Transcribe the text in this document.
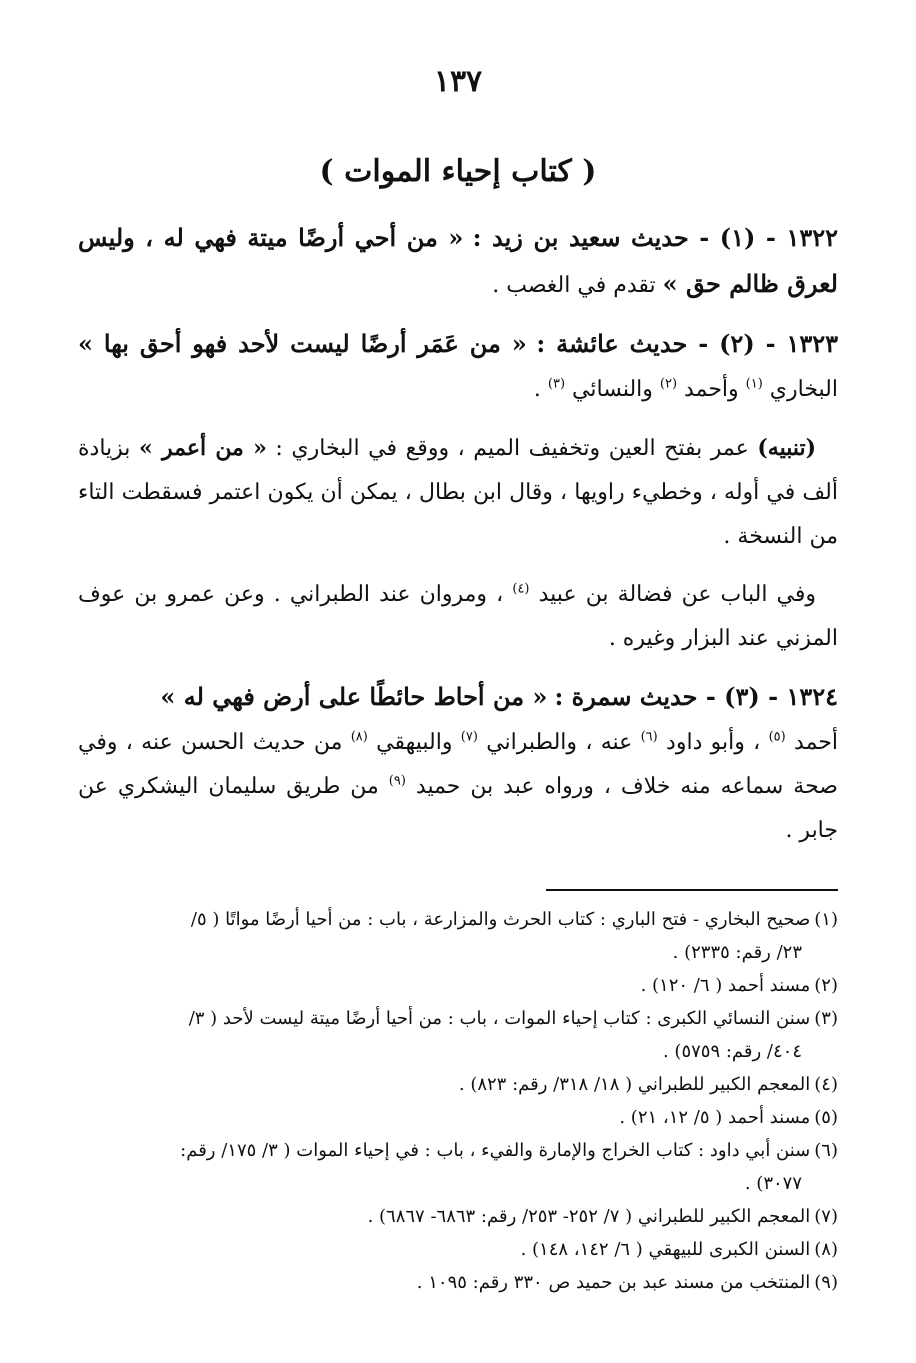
١٣٧
( كتاب إحياء الموات )

١٣٢٢ - (١) - حديث سعيد بن زيد : « من أحي أرضًا ميتة فهي له ، وليس لعرق ظالم حق » تقدم في الغصب .

١٣٢٣ - (٢) - حديث عائشة : « من عَمَر أرضًا ليست لأحد فهو أحق بها » البخاري $^{(١)}$ وأحمد $^{(٢)}$ والنسائي $^{(٣)}$ .

(تنبيه) عمر بفتح العين وتخفيف الميم ، ووقع في البخاري : « من أعمر » بزيادة ألف في أوله ، وخطيء راويها ، وقال ابن بطال ، يمكن أن يكون اعتمر فسقطت التاء من النسخة .

وفي الباب عن فضالة بن عبيد $^{(٤)}$ ، ومروان عند الطبراني . وعن عمرو بن عوف المزني عند البزار وغيره .

١٣٢٤ - (٣) - حديث سمرة : « من أحاط حائطًا على أرض فهي له »
أحمد $^{(٥)}$ ، وأبو داود $^{(٦)}$ عنه ، والطبراني $^{(٧)}$ والبيهقي $^{(٨)}$ من حديث الحسن عنه ، وفي صحة سماعه منه خلاف ، ورواه عبد بن حميد $^{(٩)}$ من طريق سليمان اليشكري عن جابر .

(١)صحيح البخاري - فتح الباري : كتاب الحرث والمزارعة ، باب : من أحيا أرضًا مواتًا ( ٥/
٢٣/ رقم: ٢٣٣٥) .

(٢)مسند أحمد ( ٦/ ١٢٠) .

(٣)سنن النسائي الكبرى : كتاب إحياء الموات ، باب : من أحيا أرضًا ميتة ليست لأحد ( ٣/
٤٠٤/ رقم: ٥٧٥٩) .

(٤)المعجم الكبير للطبراني ( ١٨/ ٣١٨/ رقم: ٨٢٣) .

(٥)مسند أحمد ( ٥/ ١٢، ٢١) .

(٦)سنن أبي داود : كتاب الخراج والإمارة والفيء ، باب : في إحياء الموات ( ٣/ ١٧٥/ رقم:
٣٠٧٧) .

(٧)المعجم الكبير للطبراني ( ٧/ ٢٥٢- ٢٥٣/ رقم: ٦٨٦٣- ٦٨٦٧) .

(٨)السنن الكبرى للبيهقي ( ٦/ ١٤٢، ١٤٨) .

(٩)المنتخب من مسند عبد بن حميد ص ٣٣٠ رقم: ١٠٩٥ .
